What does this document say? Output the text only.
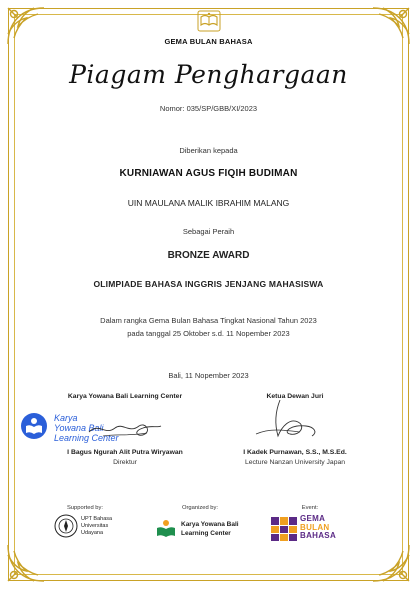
GEMA BULAN BAHASA
Piagam Penghargaan
Nomor: 035/SP/GBB/XI/2023
Diberikan kepada
KURNIAWAN AGUS FIQIH BUDIMAN
UIN MAULANA MALIK IBRAHIM MALANG
Sebagai Peraih
BRONZE AWARD
OLIMPIADE BAHASA INGGRIS JENJANG MAHASISWA
Dalam rangka Gema Bulan Bahasa Tingkat Nasional Tahun 2023
pada tanggal 25 Oktober s.d. 11 Nopember 2023
Bali, 11 Nopember 2023
Karya Yowana Bali Learning Center
I Bagus Ngurah Alit Putra Wiryawan
Direktur
Karya
Yowana Bali
Learning Center
Ketua Dewan Juri
I Kadek Purnawan, S.S., M.S.Ed.
Lecture Nanzan University Japan
Supported by:	Organized by:	Event:
UPT Bahasa
Universitas
Udayana
Karya Yowana Bali
Learning Center
GEMA
BULAN
BAHASA
